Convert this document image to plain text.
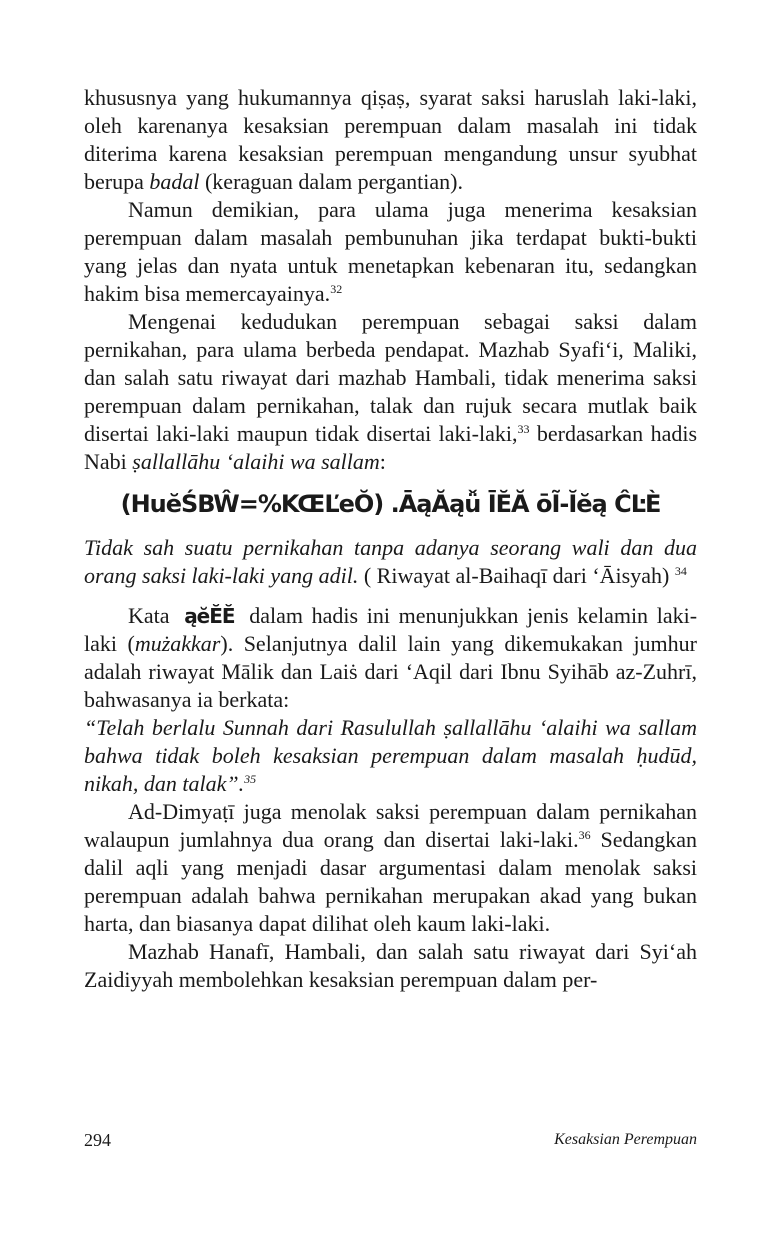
khususnya yang hukumannya qiṣaṣ, syarat saksi haruslah laki-laki, oleh karenanya kesaksian perempuan dalam masalah ini tidak diterima karena kesaksian perempuan mengandung unsur syubhat berupa badal (keraguan dalam pergantian).

Namun demikian, para ulama juga menerima kesaksian perempuan dalam masalah pembunuhan jika terdapat bukti-bukti yang jelas dan nyata untuk menetapkan kebenaran itu, sedangkan hakim bisa memercayainya.$^{32}$

Mengenai kedudukan perempuan sebagai saksi dalam pernikahan, para ulama berbeda pendapat. Mazhab Syafi‘i, Maliki, dan salah satu riwayat dari mazhab Hambali, tidak menerima saksi perempuan dalam pernikahan, talak dan rujuk secara mutlak baik disertai laki-laki maupun tidak disertai laki-laki,$^{33}$ berdasarkan hadis Nabi ṣallallāhu ‘alaihi wa sallam:

(HuĕŚBŴ=%KŒĽeŎ) .ĀąĂąǚ ĪĔĂ ōĨ-Ĭĕą ĈĿÈ

Tidak sah suatu pernikahan tanpa adanya seorang wali dan dua orang saksi laki-laki yang adil. ( Riwayat al-Baihaqī dari ‘Āisyah) $^{34}$

Kata ąĕĔĔ dalam hadis ini menunjukkan jenis kelamin laki-laki (mużakkar). Selanjutnya dalil lain yang dikemukakan jumhur adalah riwayat Mālik dan Laiṡ dari ‘Aqil dari Ibnu Syihāb az-Zuhrī, bahwasanya ia berkata:

“Telah berlalu Sunnah dari Rasulullah ṣallallāhu ‘alaihi wa sallam bahwa tidak boleh kesaksian perempuan dalam masalah ḥudūd, nikah, dan talak”.$^{35}$

Ad-Dimyaṭī juga menolak saksi perempuan dalam pernikahan walaupun jumlahnya dua orang dan disertai laki-laki.$^{36}$ Sedangkan dalil aqli yang menjadi dasar argumentasi dalam menolak saksi perempuan adalah bahwa pernikahan merupakan akad yang bukan harta, dan biasanya dapat dilihat oleh kaum laki-laki.

Mazhab Hanafī, Hambali, dan salah satu riwayat dari Syi‘ah Zaidiyyah membolehkan kesaksian perempuan dalam per-

294	Kesaksian Perempuan
